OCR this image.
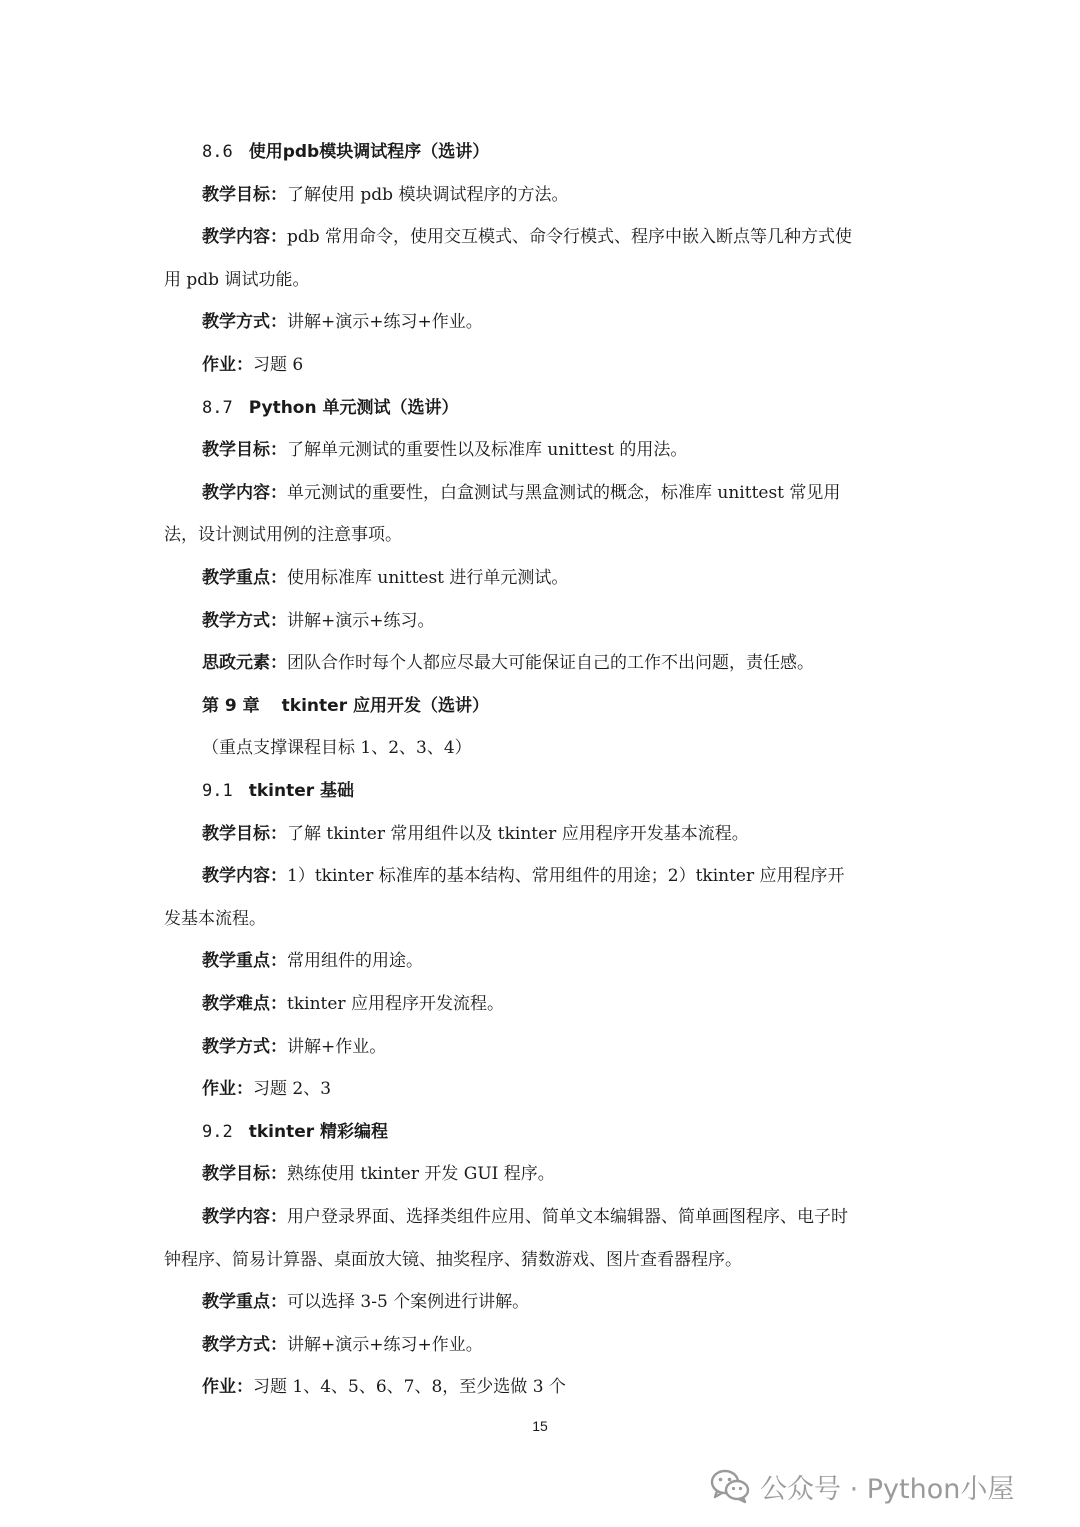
8.6 使用pdb模块调试程序（选讲）
教学目标：了解使用 pdb 模块调试程序的方法。
教学内容：pdb 常用命令，使用交互模式、命令行模式、程序中嵌入断点等几种方式使
用 pdb 调试功能。
教学方式：讲解+演示+练习+作业。
作业：习题 6
8.7 Python 单元测试（选讲）
教学目标：了解单元测试的重要性以及标准库 unittest 的用法。
教学内容：单元测试的重要性，白盒测试与黑盒测试的概念，标准库 unittest 常见用
法，设计测试用例的注意事项。
教学重点：使用标准库 unittest 进行单元测试。
教学方式：讲解+演示+练习。
思政元素：团队合作时每个人都应尽最大可能保证自己的工作不出问题，责任感。
第 9 章 tkinter 应用开发（选讲）
（重点支撑课程目标 1、2、3、4）
9.1 tkinter 基础
教学目标：了解 tkinter 常用组件以及 tkinter 应用程序开发基本流程。
教学内容：1）tkinter 标准库的基本结构、常用组件的用途；2）tkinter 应用程序开
发基本流程。
教学重点：常用组件的用途。
教学难点：tkinter 应用程序开发流程。
教学方式：讲解+作业。
作业：习题 2、3
9.2 tkinter 精彩编程
教学目标：熟练使用 tkinter 开发 GUI 程序。
教学内容：用户登录界面、选择类组件应用、简单文本编辑器、简单画图程序、电子时
钟程序、简易计算器、桌面放大镜、抽奖程序、猜数游戏、图片查看器程序。
教学重点：可以选择 3-5 个案例进行讲解。
教学方式：讲解+演示+练习+作业。
作业：习题 1、4、5、6、7、8，至少选做 3 个
15
公众号 · Python小屋
